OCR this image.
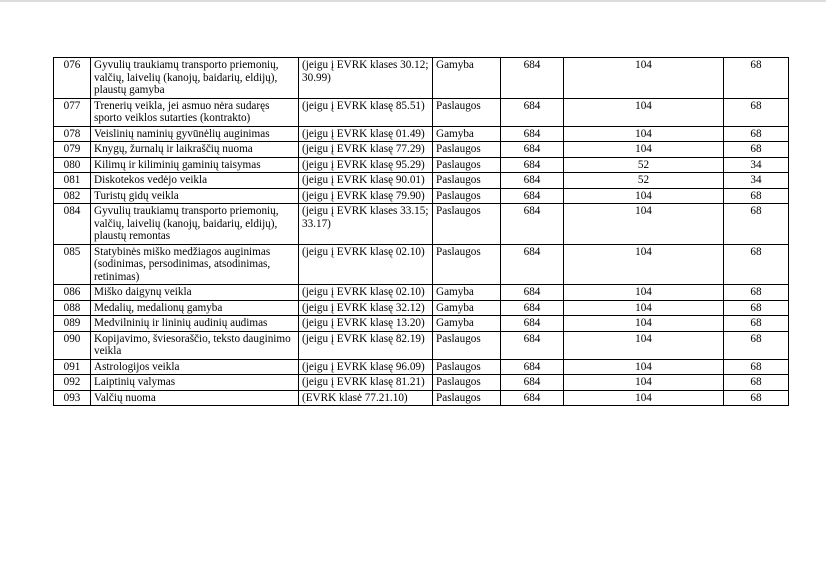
076	Gyvulių traukiamų transporto priemonių, valčių, laivelių (kanojų, baidarių, eldijų), plaustų gamyba	(jeigu į EVRK klases 30.12; 30.99)	Gamyba	684	104	68
077	Trenerių veikla, jei asmuo nėra sudaręs sporto veiklos sutarties (kontrakto)	(jeigu į EVRK klasę 85.51)	Paslaugos	684	104	68
078	Veislinių naminių gyvūnėlių auginimas	(jeigu į EVRK klasę 01.49)	Gamyba	684	104	68
079	Knygų, žurnalų ir laikraščių nuoma	(jeigu į EVRK klasę 77.29)	Paslaugos	684	104	68
080	Kilimų ir kiliminių gaminių taisymas	(jeigu į EVRK klasę 95.29)	Paslaugos	684	52	34
081	Diskotekos vedėjo veikla	(jeigu į EVRK klasę 90.01)	Paslaugos	684	52	34
082	Turistų gidų veikla	(jeigu į EVRK klasę 79.90)	Paslaugos	684	104	68
084	Gyvulių traukiamų transporto priemonių, valčių, laivelių (kanojų, baidarių, eldijų), plaustų remontas	(jeigu į EVRK klases 33.15; 33.17)	Paslaugos	684	104	68
085	Statybinės miško medžiagos auginimas (sodinimas, persodinimas, atsodinimas, retinimas)	(jeigu į EVRK klasę 02.10)	Paslaugos	684	104	68
086	Miško daigynų veikla	(jeigu į EVRK klasę 02.10)	Gamyba	684	104	68
088	Medalių, medalionų gamyba	(jeigu į EVRK klasę 32.12)	Gamyba	684	104	68
089	Medvilninių ir lininių audinių audimas	(jeigu į EVRK klasę 13.20)	Gamyba	684	104	68
090	Kopijavimo, šviesoraščio, teksto dauginimo veikla	(jeigu į EVRK klasę 82.19)	Paslaugos	684	104	68
091	Astrologijos veikla	(jeigu į EVRK klasę 96.09)	Paslaugos	684	104	68
092	Laiptinių valymas	(jeigu į EVRK klasę 81.21)	Paslaugos	684	104	68
093	Valčių nuoma	(EVRK klasė 77.21.10)	Paslaugos	684	104	68
